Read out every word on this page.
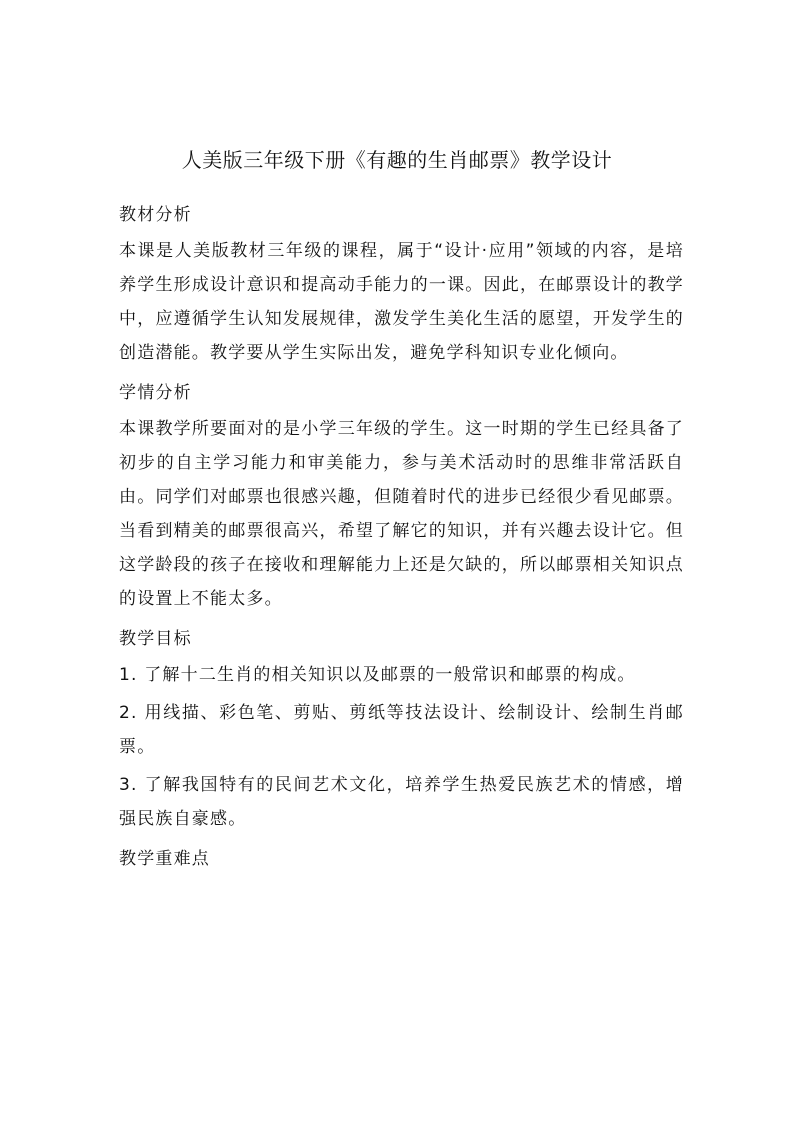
人美版三年级下册《有趣的生肖邮票》教学设计

教材分析

本课是人美版教材三年级的课程，属于“设计·应用”领域的内容，是培养学生形成设计意识和提高动手能力的一课。因此，在邮票设计的教学中，应遵循学生认知发展规律，激发学生美化生活的愿望，开发学生的创造潜能。教学要从学生实际出发，避免学科知识专业化倾向。

学情分析

本课教学所要面对的是小学三年级的学生。这一时期的学生已经具备了初步的自主学习能力和审美能力，参与美术活动时的思维非常活跃自由。同学们对邮票也很感兴趣，但随着时代的进步已经很少看见邮票。当看到精美的邮票很高兴，希望了解它的知识，并有兴趣去设计它。但这学龄段的孩子在接收和理解能力上还是欠缺的，所以邮票相关知识点的设置上不能太多。

教学目标

1. 了解十二生肖的相关知识以及邮票的一般常识和邮票的构成。

2. 用线描、彩色笔、剪贴、剪纸等技法设计、绘制设计、绘制生肖邮票。

3. 了解我国特有的民间艺术文化，培养学生热爱民族艺术的情感，增强民族自豪感。

教学重难点
